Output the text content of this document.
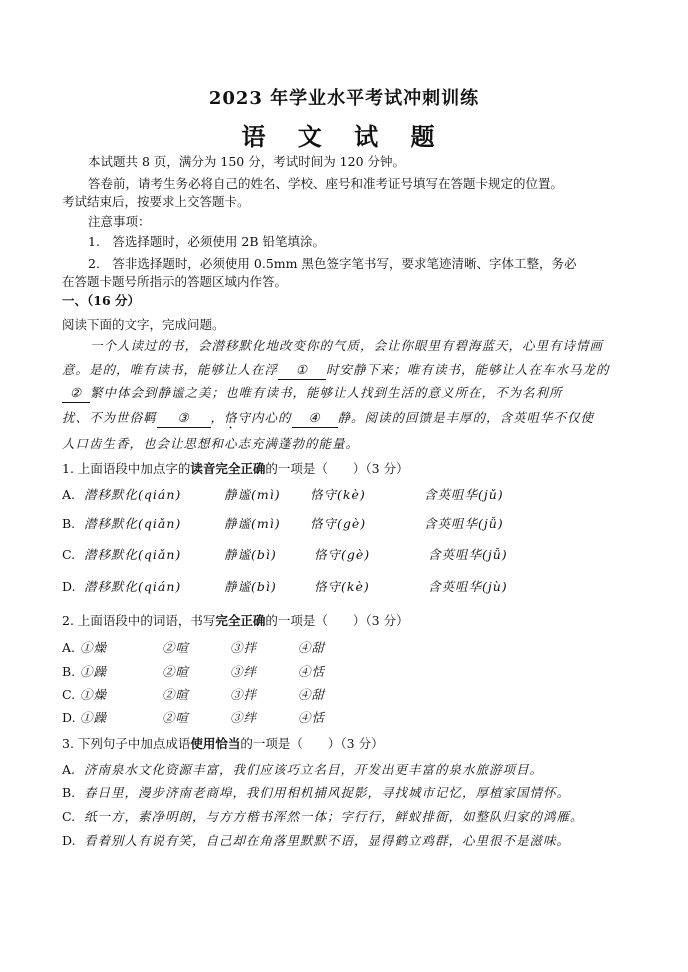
2023 年学业水平考试冲刺训练
语 文 试 题
本试题共 8 页，满分为 150 分，考试时间为 120 分钟。
答卷前，请考生务必将自己的姓名、学校、座号和准考证号填写在答题卡规定的位置。
考试结束后，按要求上交答题卡。
注意事项：
1.　答选择题时，必须使用 2B 铅笔填涂。
2.　答非选择题时，必须使用 0.5mm 黑色签字笔书写，要求笔迹清晰、字体工整，务必
在答题卡题号所指示的答题区域内作答。
一、（16 分）
阅读下面的文字，完成问题。
一个人读过的书，会潜移默化地改变你的气质，会让你眼里有碧海蓝天，心里有诗情画
意。是的，唯有读书，能够让人在浮 ① 时安静下来；唯有读书，能够让人在车水马龙的
② 繁中体会到静谧之美；也唯有读书，能够让人找到生活的意义所在，不为名利所
扰、不为世俗羁 ③ ，恪守内心的 ④ 静。阅读的回馈是丰厚的，含英咀华不仅使
人口齿生香，也会让思想和心志充满蓬勃的能量。
1. 上面语段中加点字的读音完全正确的一项是（　　）（3 分）
A. 潜移默化(qián)	静谧(mì) 恪守(kè)	含英咀华(jǔ)
B. 潜移默化(qiǎn)	静谧(mì) 恪守(gè)	含英咀华(jǚ)
C. 潜移默化(qiǎn)	静谧(bì)	恪守(gè)	含英咀华(jǚ)
D. 潜移默化(qián)	静谧(bì)	恪守(kè)	含英咀华(jù)
2. 上面语段中的词语，书写完全正确的一项是（　　）（3 分）
A. ①燥	②喧	③拌	④甜
B. ①躁	②暄	③绊	④恬
C. ①燥	②暄	③拌	④甜
D. ①躁	②喧	③绊	④恬
3. 下列句子中加点成语使用恰当的一项是（　　）（3 分）
A. 济南泉水文化资源丰富，我们应该巧立名目，开发出更丰富的泉水旅游项目。
B. 春日里，漫步济南老商埠，我们用相机捕风捉影，寻找城市记忆，厚植家国情怀。
C. 纸一方，素净明朗，与方方楷书浑然一体；字行行，鲜蚁排衙，如整队归家的鸿雁。
D. 看着别人有说有笑，自己却在角落里默默不语，显得鹤立鸡群，心里很不是滋味。
